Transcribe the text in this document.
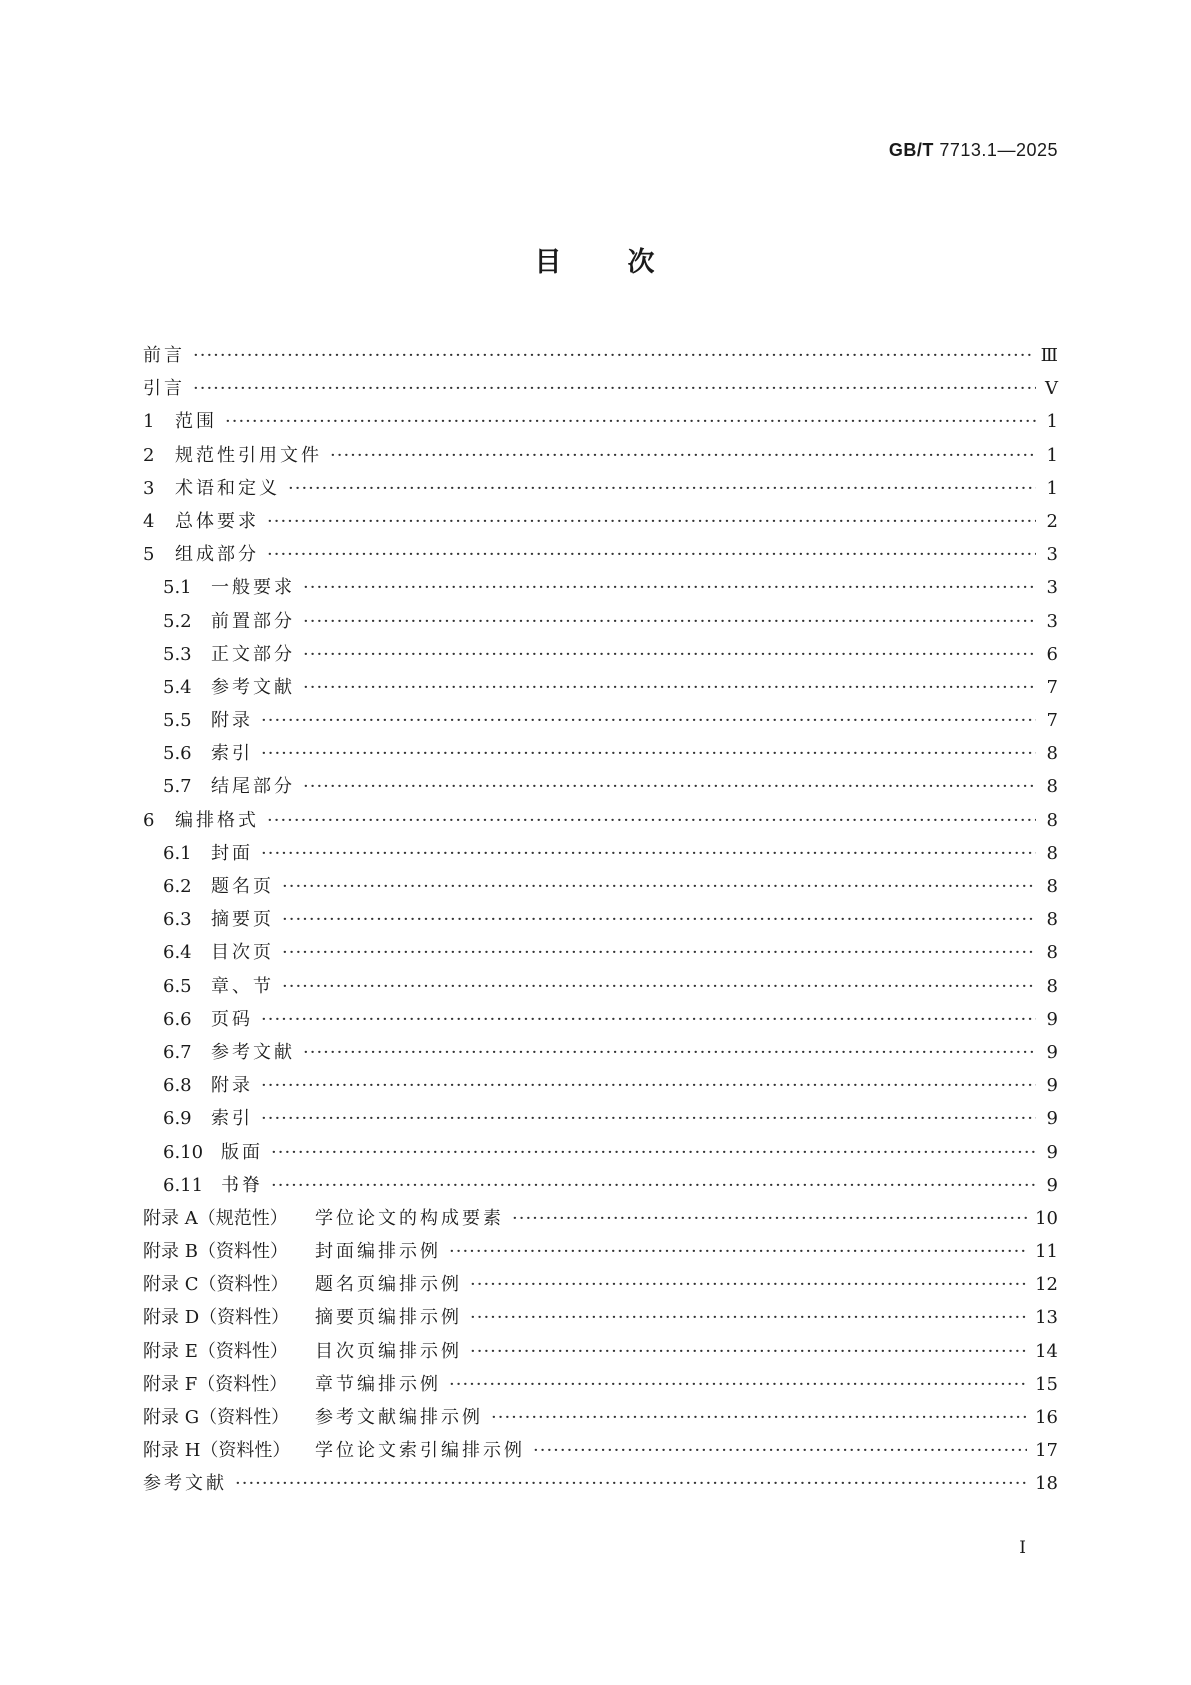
GB/T 7713.1—2025
目 次
前言 ·····	Ⅲ
引言 ·····	Ⅴ
1	范围 ·····	1
2	规范性引用文件 ·····	1
3	术语和定义 ·····	1
4	总体要求 ·····	2
5	组成部分 ·····	3
5.1	一般要求 ·····	3
5.2	前置部分 ·····	3
5.3	正文部分 ·····	6
5.4	参考文献 ·····	7
5.5	附录 ·····	7
5.6	索引 ·····	8
5.7	结尾部分 ·····	8
6	编排格式 ·····	8
6.1	封面 ·····	8
6.2	题名页 ·····	8
6.3	摘要页 ·····	8
6.4	目次页 ·····	8
6.5	章、节 ·····	8
6.6	页码 ·····	9
6.7	参考文献 ·····	9
6.8	附录 ·····	9
6.9	索引 ·····	9
6.10 版面 ·····	9
6.11 书脊 ·····	9
附录 A（规范性）	学位论文的构成要素 ·····	10
附录 B（资料性）	封面编排示例 ·····	11
附录 C（资料性）	题名页编排示例 ·····	12
附录 D（资料性）	摘要页编排示例 ·····	13
附录 E（资料性）	目次页编排示例 ·····	14
附录 F（资料性）	章节编排示例 ·····	15
附录 G（资料性）	参考文献编排示例 ·····	16
附录 H（资料性）	学位论文索引编排示例 ·····	17
参考文献 ·····	18
I
